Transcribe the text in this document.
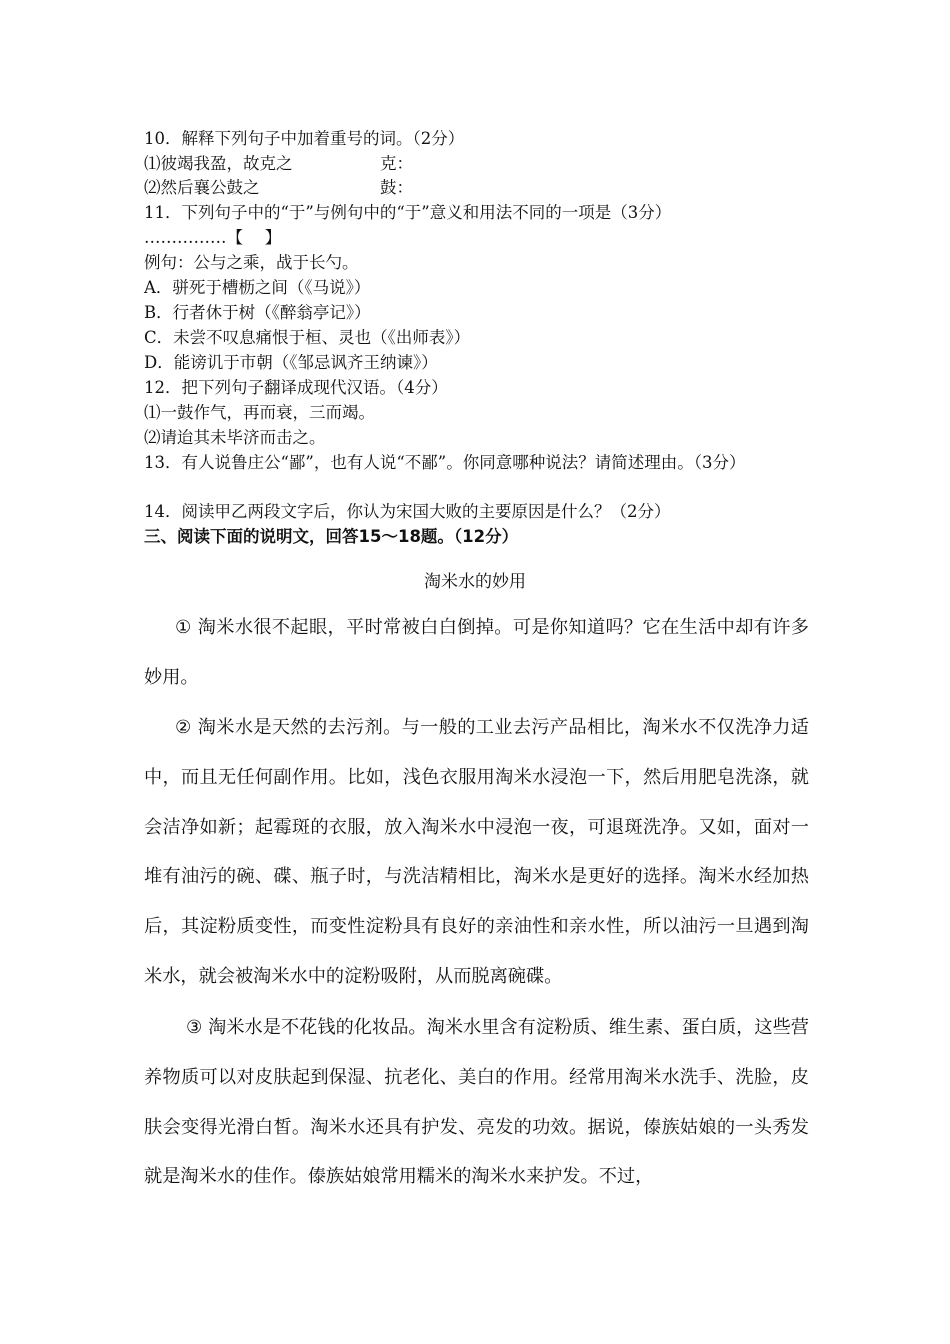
10．解释下列句子中加着重号的词。（2分）
⑴彼竭我盈，故克之	克：
⑵然后襄公鼓之	鼓：
11．下列句子中的“于”与例句中的“于”意义和用法不同的一项是（3分）
……………【　 】
例句：公与之乘，战于长勺。
A．骈死于槽枥之间（《马说》）
B．行者休于树（《醉翁亭记》）
C．未尝不叹息痛恨于桓、灵也（《出师表》）
D．能谤讥于市朝（《邹忌讽齐王纳谏》）
12．把下列句子翻译成现代汉语。（4分）
⑴一鼓作气，再而衰，三而竭。
⑵请迨其未毕济而击之。
13．有人说鲁庄公“鄙”，也有人说“不鄙”。你同意哪种说法？请简述理由。（3分）
14．阅读甲乙两段文字后，你认为宋国大败的主要原因是什么？（2分）
三、阅读下面的说明文，回答15～18题。（12分）
淘米水的妙用
① 淘米水很不起眼，平时常被白白倒掉。可是你知道吗？它在生活中却有许多妙用。
② 淘米水是天然的去污剂。与一般的工业去污产品相比，淘米水不仅洗净力适中，而且无任何副作用。比如，浅色衣服用淘米水浸泡一下，然后用肥皂洗涤，就会洁净如新；起霉斑的衣服，放入淘米水中浸泡一夜，可退斑洗净。又如，面对一堆有油污的碗、碟、瓶子时，与洗洁精相比，淘米水是更好的选择。淘米水经加热后，其淀粉质变性，而变性淀粉具有良好的亲油性和亲水性，所以油污一旦遇到淘米水，就会被淘米水中的淀粉吸附，从而脱离碗碟。
③ 淘米水是不花钱的化妆品。淘米水里含有淀粉质、维生素、蛋白质，这些营养物质可以对皮肤起到保湿、抗老化、美白的作用。经常用淘米水洗手、洗脸，皮肤会变得光滑白皙。淘米水还具有护发、亮发的功效。据说，傣族姑娘的一头秀发就是淘米水的佳作。傣族姑娘常用糯米的淘米水来护发。不过，
